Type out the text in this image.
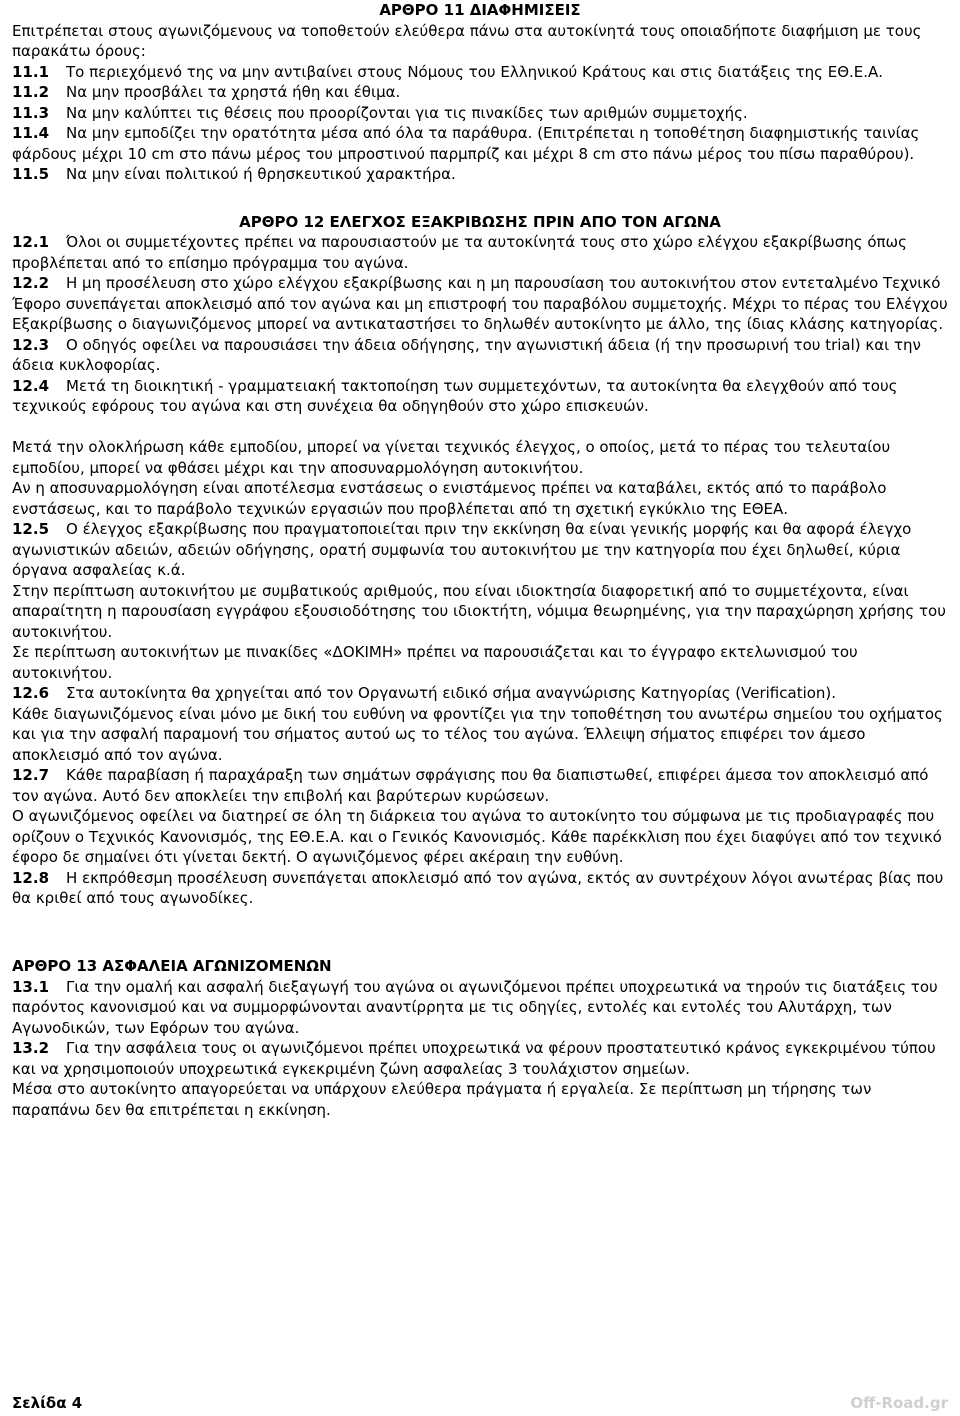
ΑΡΘΡΟ 11 ΔΙΑΦΗΜΙΣΕΙΣ
Επιτρέπεται στους αγωνιζόμενους να τοποθετούν ελεύθερα πάνω στα αυτοκίνητά τους οποιαδήποτε διαφήμιση με τους παρακάτω όρους:
11.1 Το περιεχόμενό της να μην αντιβαίνει στους Νόμους του Ελληνικού Κράτους και στις διατάξεις της ΕΘ.Ε.Α.
11.2 Να μην προσβάλει τα χρηστά ήθη και έθιμα.
11.3 Να μην καλύπτει τις θέσεις που προορίζονται για τις πινακίδες των αριθμών συμμετοχής.
11.4 Να μην εμποδίζει την ορατότητα μέσα από όλα τα παράθυρα. (Επιτρέπεται η τοποθέτηση διαφημιστικής ταινίας φάρδους μέχρι 10 cm στο πάνω μέρος του μπροστινού παρμπρίζ και μέχρι 8 cm στο πάνω μέρος του πίσω παραθύρου).
11.5 Να μην είναι πολιτικού ή θρησκευτικού χαρακτήρα.
ΑΡΘΡΟ 12 ΕΛΕΓΧΟΣ ΕΞΑΚΡΙΒΩΣΗΣ ΠΡΙΝ ΑΠΟ ΤΟΝ ΑΓΩΝΑ
12.1 Όλοι οι συμμετέχοντες πρέπει να παρουσιαστούν με τα αυτοκίνητά τους στο χώρο ελέγχου εξακρίβωσης όπως προβλέπεται από το επίσημο πρόγραμμα του αγώνα.
12.2 Η μη προσέλευση στο χώρο ελέγχου εξακρίβωσης και η μη παρουσίαση του αυτοκινήτου στον εντεταλμένο Τεχνικό Έφορο συνεπάγεται αποκλεισμό από τον αγώνα και μη επιστροφή του παραβόλου συμμετοχής. Μέχρι το πέρας του Ελέγχου Εξακρίβωσης ο διαγωνιζόμενος μπορεί να αντικαταστήσει το δηλωθέν αυτοκίνητο με άλλο, της ίδιας κλάσης κατηγορίας.
12.3 Ο οδηγός οφείλει να παρουσιάσει την άδεια οδήγησης, την αγωνιστική άδεια (ή την προσωρινή του trial) και την άδεια κυκλοφορίας.
12.4 Μετά τη διοικητική - γραμματειακή τακτοποίηση των συμμετεχόντων, τα αυτοκίνητα θα ελεγχθούν από τους τεχνικούς εφόρους του αγώνα και στη συνέχεια θα οδηγηθούν στο χώρο επισκευών.
Μετά την ολοκλήρωση κάθε εμποδίου, μπορεί να γίνεται τεχνικός έλεγχος, ο οποίος, μετά το πέρας του τελευταίου εμποδίου, μπορεί να φθάσει μέχρι και την αποσυναρμολόγηση αυτοκινήτου.
Αν η αποσυναρμολόγηση είναι αποτέλεσμα ενστάσεως ο ενιστάμενος πρέπει να καταβάλει, εκτός από το παράβολο ενστάσεως, και το παράβολο τεχνικών εργασιών που προβλέπεται από τη σχετική εγκύκλιο της ΕΘΕΑ.
12.5 Ο έλεγχος εξακρίβωσης που πραγματοποιείται πριν την εκκίνηση θα είναι γενικής μορφής και θα αφορά έλεγχο αγωνιστικών αδειών, αδειών οδήγησης, ορατή συμφωνία του αυτοκινήτου με την κατηγορία που έχει δηλωθεί, κύρια όργανα ασφαλείας κ.ά.
Στην περίπτωση αυτοκινήτου με συμβατικούς αριθμούς, που είναι ιδιοκτησία διαφορετική από το συμμετέχοντα, είναι απαραίτητη η παρουσίαση εγγράφου εξουσιοδότησης του ιδιοκτήτη, νόμιμα θεωρημένης, για την παραχώρηση χρήσης του αυτοκινήτου.
Σε περίπτωση αυτοκινήτων με πινακίδες «ΔΟΚΙΜΗ» πρέπει να παρουσιάζεται και το έγγραφο εκτελωνισμού του αυτοκινήτου.
12.6 Στα αυτοκίνητα θα χρηγείται από τον Οργανωτή ειδικό σήμα αναγνώρισης Κατηγορίας (Verification).
Κάθε διαγωνιζόμενος είναι μόνο με δική του ευθύνη να φροντίζει για την τοποθέτηση του ανωτέρω σημείου του οχήματος και για την ασφαλή παραμονή του σήματος αυτού ως το τέλος του αγώνα. Έλλειψη σήματος επιφέρει τον άμεσο αποκλεισμό από τον αγώνα.
12.7 Κάθε παραβίαση ή παραχάραξη των σημάτων σφράγισης που θα διαπιστωθεί, επιφέρει άμεσα τον αποκλεισμό από τον αγώνα. Αυτό δεν αποκλείει την επιβολή και βαρύτερων κυρώσεων.
Ο αγωνιζόμενος οφείλει να διατηρεί σε όλη τη διάρκεια του αγώνα το αυτοκίνητο του σύμφωνα με τις προδιαγραφές που ορίζουν ο Τεχνικός Κανονισμός, της ΕΘ.Ε.Α. και ο Γενικός Κανονισμός. Κάθε παρέκκλιση που έχει διαφύγει από τον τεχνικό έφορο δε σημαίνει ότι γίνεται δεκτή. Ο αγωνιζόμενος φέρει ακέραιη την ευθύνη.
12.8 Η εκπρόθεσμη προσέλευση συνεπάγεται αποκλεισμό από τον αγώνα, εκτός αν συντρέχουν λόγοι ανωτέρας βίας που θα κριθεί από τους αγωνοδίκες.
ΑΡΘΡΟ 13 ΑΣΦΑΛΕΙΑ ΑΓΩΝΙΖΟΜΕΝΩΝ
13.1 Για την ομαλή και ασφαλή διεξαγωγή του αγώνα οι αγωνιζόμενοι πρέπει υποχρεωτικά να τηρούν τις διατάξεις του παρόντος κανονισμού και να συμμορφώνονται αναντίρρητα με τις οδηγίες, εντολές και εντολές του Αλυτάρχη, των Αγωνοδικών, των Εφόρων του αγώνα.
13.2 Για την ασφάλεια τους οι αγωνιζόμενοι πρέπει υποχρεωτικά να φέρουν προστατευτικό κράνος εγκεκριμένου τύπου και να χρησιμοποιούν υποχρεωτικά εγκεκριμένη ζώνη ασφαλείας 3 τουλάχιστον σημείων.
Μέσα στο αυτοκίνητο απαγορεύεται να υπάρχουν ελεύθερα πράγματα ή εργαλεία. Σε περίπτωση μη τήρησης των παραπάνω δεν θα επιτρέπεται η εκκίνηση.
Σελίδα 4	Off-Road.gr
